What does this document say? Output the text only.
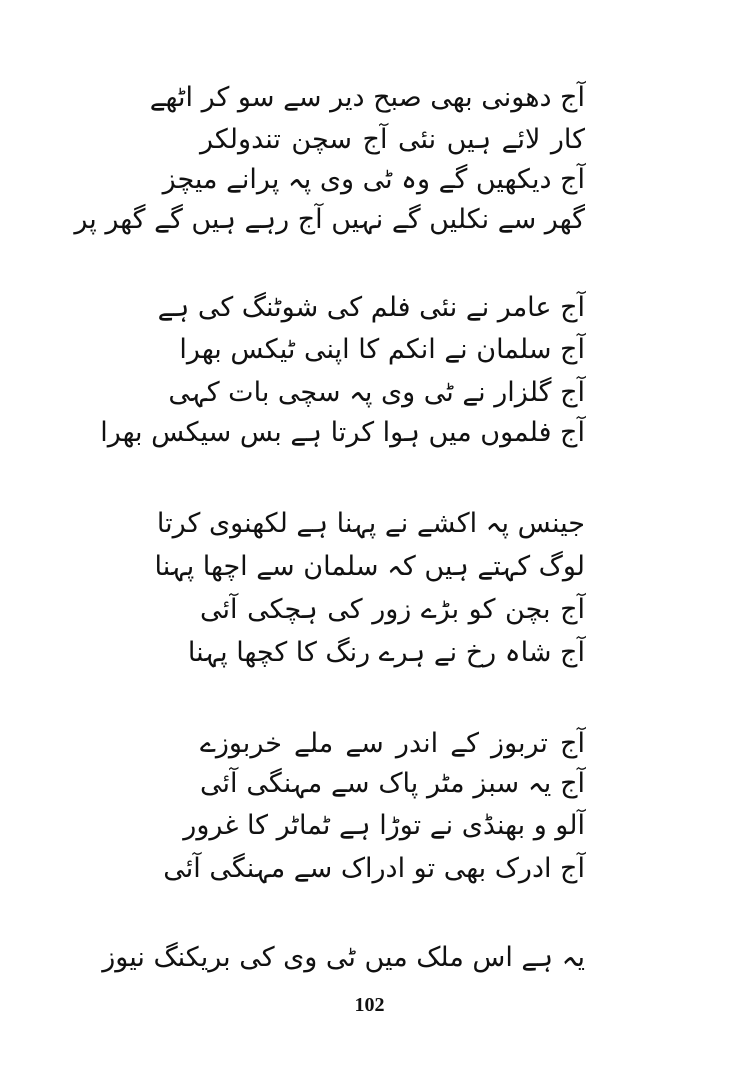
آج دھونی بھی صبح دیر سے سو کر اٹھے
کار لائے ہیں نئی آج سچن تندولکر
آج دیکھیں گے وہ ٹی وی پہ پرانے میچز
گھر سے نکلیں گے نہیں آج رہے ہیں گے گھر پر
آج عامر نے نئی فلم کی شوٹنگ کی ہے
آج سلمان نے انکم کا اپنی ٹیکس بھرا
آج گلزار نے ٹی وی پہ سچی بات کہی
آج فلموں میں ہوا کرتا ہے بس سیکس بھرا
جینس پہ اکشے نے پہنا ہے لکھنوی کرتا
لوگ کہتے ہیں کہ سلمان سے اچھا پہنا
آج بچن کو بڑے زور کی ہچکی آئی
آج شاہ رخ نے ہرے رنگ کا کچھا پہنا
آج تربوز کے اندر سے ملے خربوزے
آج یہ سبز مٹر پاک سے مہنگی آئی
آلو و بھنڈی نے توڑا ہے ٹماٹر کا غرور
آج ادرک بھی تو ادراک سے مہنگی آئی
یہ ہے اس ملک میں ٹی وی کی بریکنگ نیوز
102
